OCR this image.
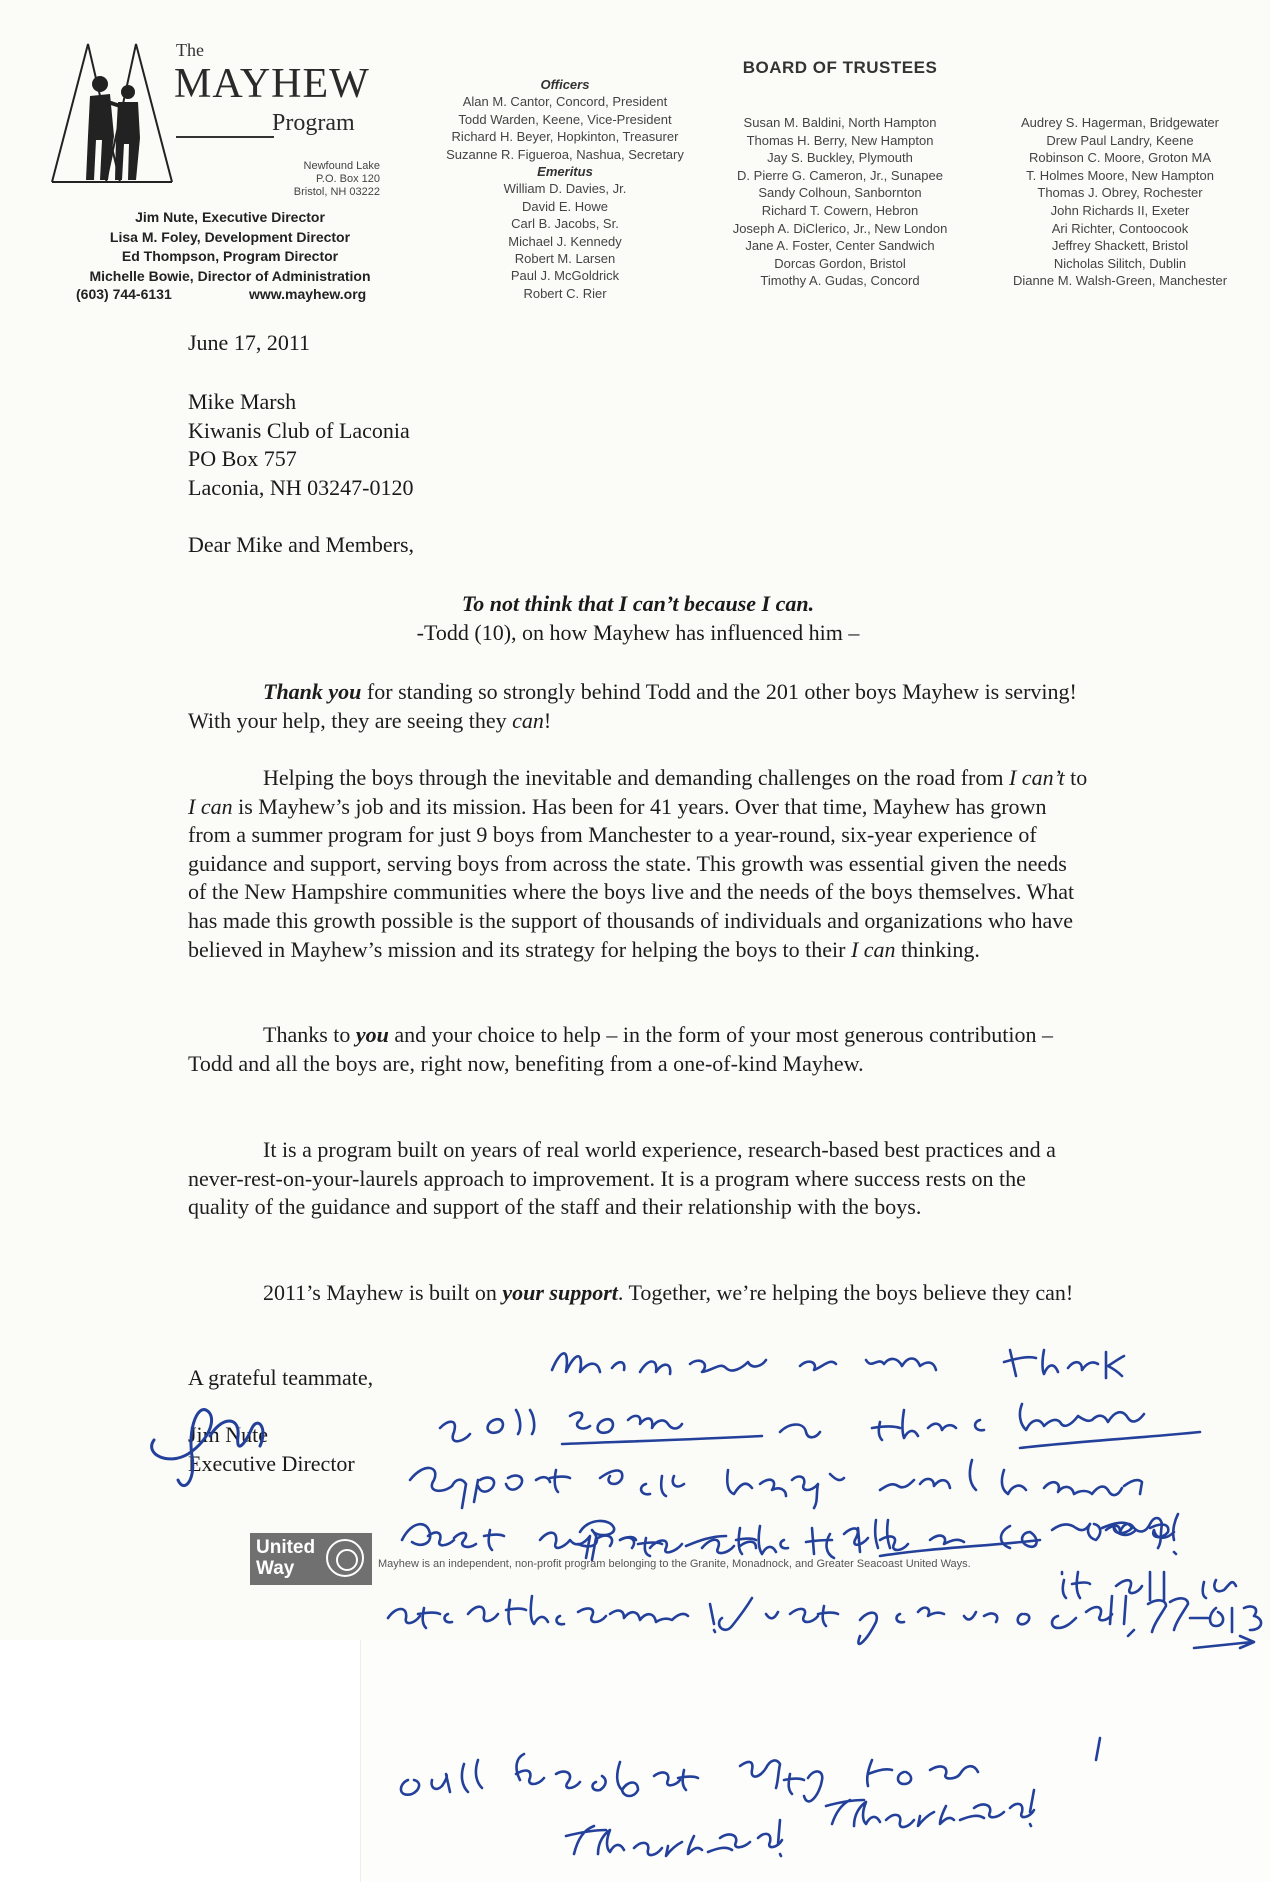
The
MAYHEW
Program
Newfound Lake
P.O. Box 120
Bristol, NH 03222
Jim Nute, Executive Director
Lisa M. Foley, Development Director
Ed Thompson, Program Director
Michelle Bowie, Director of Administration
(603) 744-6131	www.mayhew.org
Officers
Alan M. Cantor, Concord, President
Todd Warden, Keene, Vice-President
Richard H. Beyer, Hopkinton, Treasurer
Suzanne R. Figueroa, Nashua, Secretary
Emeritus
William D. Davies, Jr.
David E. Howe
Carl B. Jacobs, Sr.
Michael J. Kennedy
Robert M. Larsen
Paul J. McGoldrick
Robert C. Rier
BOARD OF TRUSTEES
Susan M. Baldini, North Hampton
Thomas H. Berry, New Hampton
Jay S. Buckley, Plymouth
D. Pierre G. Cameron, Jr., Sunapee
Sandy Colhoun, Sanbornton
Richard T. Cowern, Hebron
Joseph A. DiClerico, Jr., New London
Jane A. Foster, Center Sandwich
Dorcas Gordon, Bristol
Timothy A. Gudas, Concord
Audrey S. Hagerman, Bridgewater
Drew Paul Landry, Keene
Robinson C. Moore, Groton MA
T. Holmes Moore, New Hampton
Thomas J. Obrey, Rochester
John Richards II, Exeter
Ari Richter, Contoocook
Jeffrey Shackett, Bristol
Nicholas Silitch, Dublin
Dianne M. Walsh-Green, Manchester
June 17, 2011
Mike Marsh
Kiwanis Club of Laconia
PO Box 757
Laconia, NH 03247-0120
Dear Mike and Members,
To not think that I can’t because I can.
-Todd (10), on how Mayhew has influenced him –
Thank you for standing so strongly behind Todd and the 201 other boys Mayhew is serving! With your help, they are seeing they can!
Helping the boys through the inevitable and demanding challenges on the road from I can’t to I can is Mayhew’s job and its mission. Has been for 41 years. Over that time, Mayhew has grown from a summer program for just 9 boys from Manchester to a year-round, six-year experience of guidance and support, serving boys from across the state. This growth was essential given the needs of the New Hampshire communities where the boys live and the needs of the boys themselves. What has made this growth possible is the support of thousands of individuals and organizations who have believed in Mayhew’s mission and its strategy for helping the boys to their I can thinking.
Thanks to you and your choice to help – in the form of your most generous contribution – Todd and all the boys are, right now, benefiting from a one-of-kind Mayhew.
It is a program built on years of real world experience, research-based best practices and a never-rest-on-your-laurels approach to improvement. It is a program where success rests on the quality of the guidance and support of the staff and their relationship with the boys.
2011’s Mayhew is built on your support. Together, we’re helping the boys believe they can!
A grateful teammate,
Jim Nute
Executive Director
United
Way	Mayhew is an independent, non-profit program belonging to the Granite, Monadnock, and Greater Seacoast United Ways.
